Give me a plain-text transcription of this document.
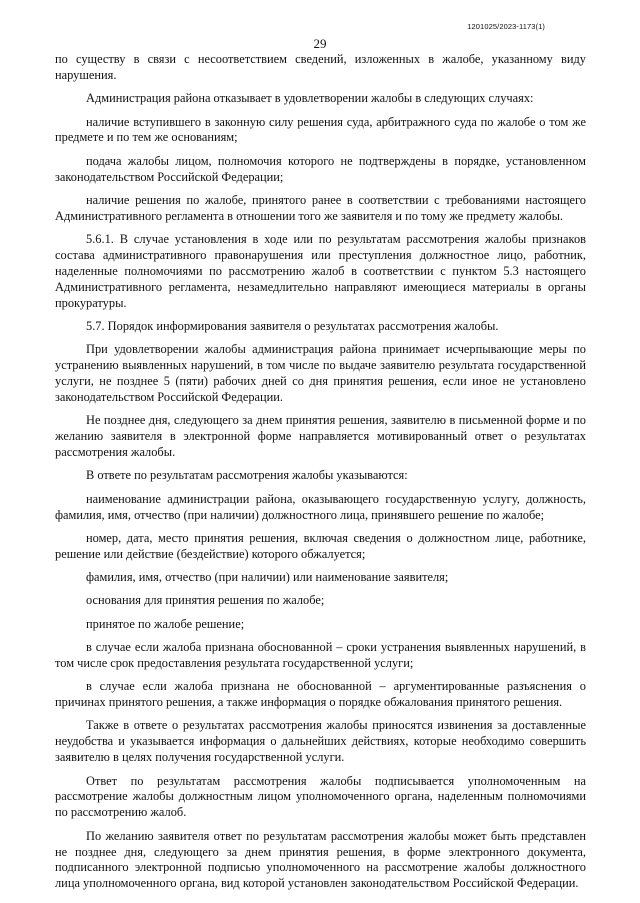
1201025/2023-1173(1)
29

по существу в связи с несоответствием сведений, изложенных в жалобе, указанному виду нарушения.

Администрация района отказывает в удовлетворении жалобы в следующих случаях:

наличие вступившего в законную силу решения суда, арбитражного суда по жалобе о том же предмете и по тем же основаниям;

подача жалобы лицом, полномочия которого не подтверждены в порядке, установленном законодательством Российской Федерации;

наличие решения по жалобе, принятого ранее в соответствии с требованиями настоящего Административного регламента в отношении того же заявителя и по тому же предмету жалобы.

5.6.1. В случае установления в ходе или по результатам рассмотрения жалобы признаков состава административного правонарушения или преступления должностное лицо, работник, наделенные полномочиями по рассмотрению жалоб в соответствии с пунктом 5.3 настоящего Административного регламента, незамедлительно направляют имеющиеся материалы в органы прокуратуры.

5.7. Порядок информирования заявителя о результатах рассмотрения жалобы.

При удовлетворении жалобы администрация района принимает исчерпывающие меры по устранению выявленных нарушений, в том числе по выдаче заявителю результата государственной услуги, не позднее 5 (пяти) рабочих дней со дня принятия решения, если иное не установлено законодательством Российской Федерации.

Не позднее дня, следующего за днем принятия решения, заявителю в письменной форме и по желанию заявителя в электронной форме направляется мотивированный ответ о результатах рассмотрения жалобы.

В ответе по результатам рассмотрения жалобы указываются:

наименование администрации района, оказывающего государственную услугу, должность, фамилия, имя, отчество (при наличии) должностного лица, принявшего решение по жалобе;

номер, дата, место принятия решения, включая сведения о должностном лице, работнике, решение или действие (бездействие) которого обжалуется;

фамилия, имя, отчество (при наличии) или наименование заявителя;

основания для принятия решения по жалобе;

принятое по жалобе решение;

в случае если жалоба признана обоснованной – сроки устранения выявленных нарушений, в том числе срок предоставления результата государственной услуги;

в случае если жалоба признана не обоснованной – аргументированные разъяснения о причинах принятого решения, а также информация о порядке обжалования принятого решения.

Также в ответе о результатах рассмотрения жалобы приносятся извинения за доставленные неудобства и указывается информация о дальнейших действиях, которые необходимо совершить заявителю в целях получения государственной услуги.

Ответ по результатам рассмотрения жалобы подписывается уполномоченным на рассмотрение жалобы должностным лицом уполномоченного органа, наделенным полномочиями по рассмотрению жалоб.

По желанию заявителя ответ по результатам рассмотрения жалобы может быть представлен не позднее дня, следующего за днем принятия решения, в форме электронного документа, подписанного электронной подписью уполномоченного на рассмотрение жалобы должностного лица уполномоченного органа, вид которой установлен законодательством Российской Федерации.
